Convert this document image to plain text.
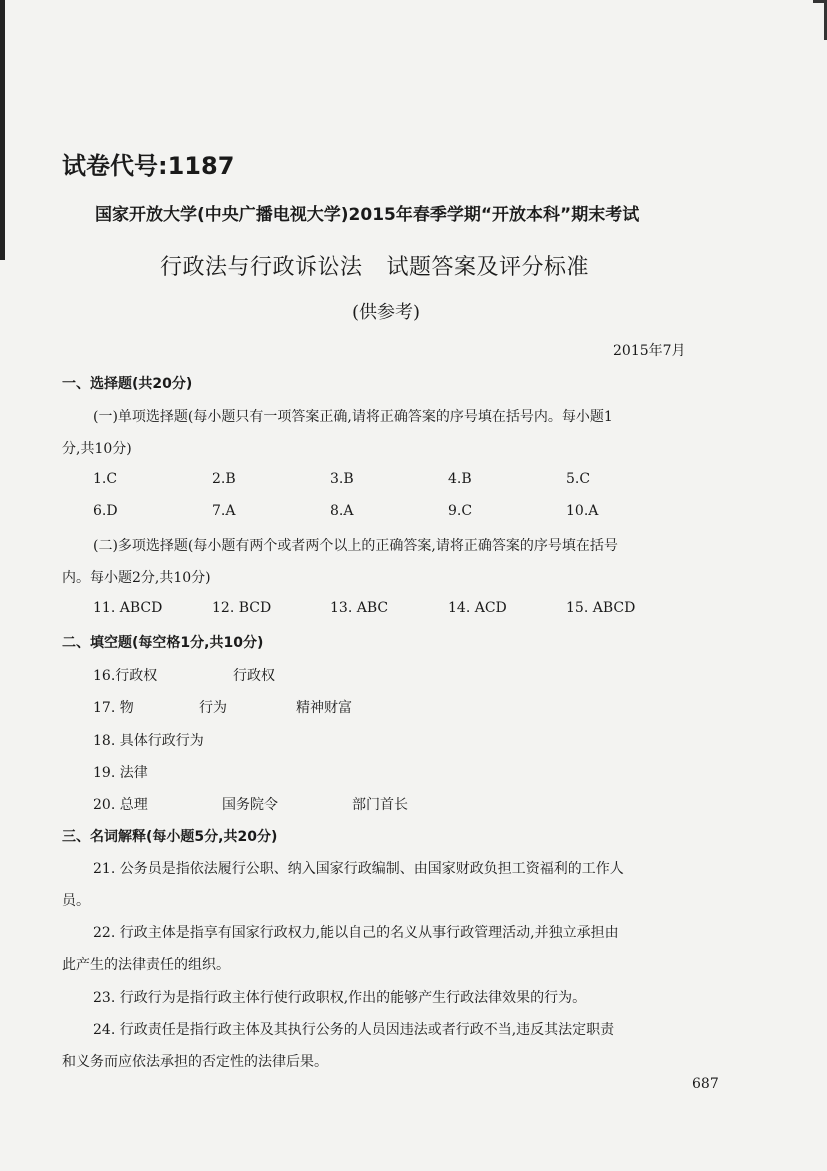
试卷代号:1187
国家开放大学(中央广播电视大学)2015年春季学期“开放本科”期末考试
行政法与行政诉讼法 试题答案及评分标准
(供参考)
2015年7月
一、选择题(共20分)
(一)单项选择题(每小题只有一项答案正确,请将正确答案的序号填在括号内。每小题1
分,共10分)
1.C	2.B	3.B	4.B	5.C
6.D	7.A	8.A	9.C	10.A
(二)多项选择题(每小题有两个或者两个以上的正确答案,请将正确答案的序号填在括号
内。每小题2分,共10分)
11. ABCD	12. BCD	13. ABC	14. ACD	15. ABCD
二、填空题(每空格1分,共10分)
16.行政权	行政权
17. 物	行为	精神财富
18. 具体行政行为
19. 法律
20. 总理	国务院令	部门首长
三、名词解释(每小题5分,共20分)
21. 公务员是指依法履行公职、纳入国家行政编制、由国家财政负担工资福利的工作人
员。
22. 行政主体是指享有国家行政权力,能以自己的名义从事行政管理活动,并独立承担由
此产生的法律责任的组织。
23. 行政行为是指行政主体行使行政职权,作出的能够产生行政法律效果的行为。
24. 行政责任是指行政主体及其执行公务的人员因违法或者行政不当,违反其法定职责
和义务而应依法承担的否定性的法律后果。
687
